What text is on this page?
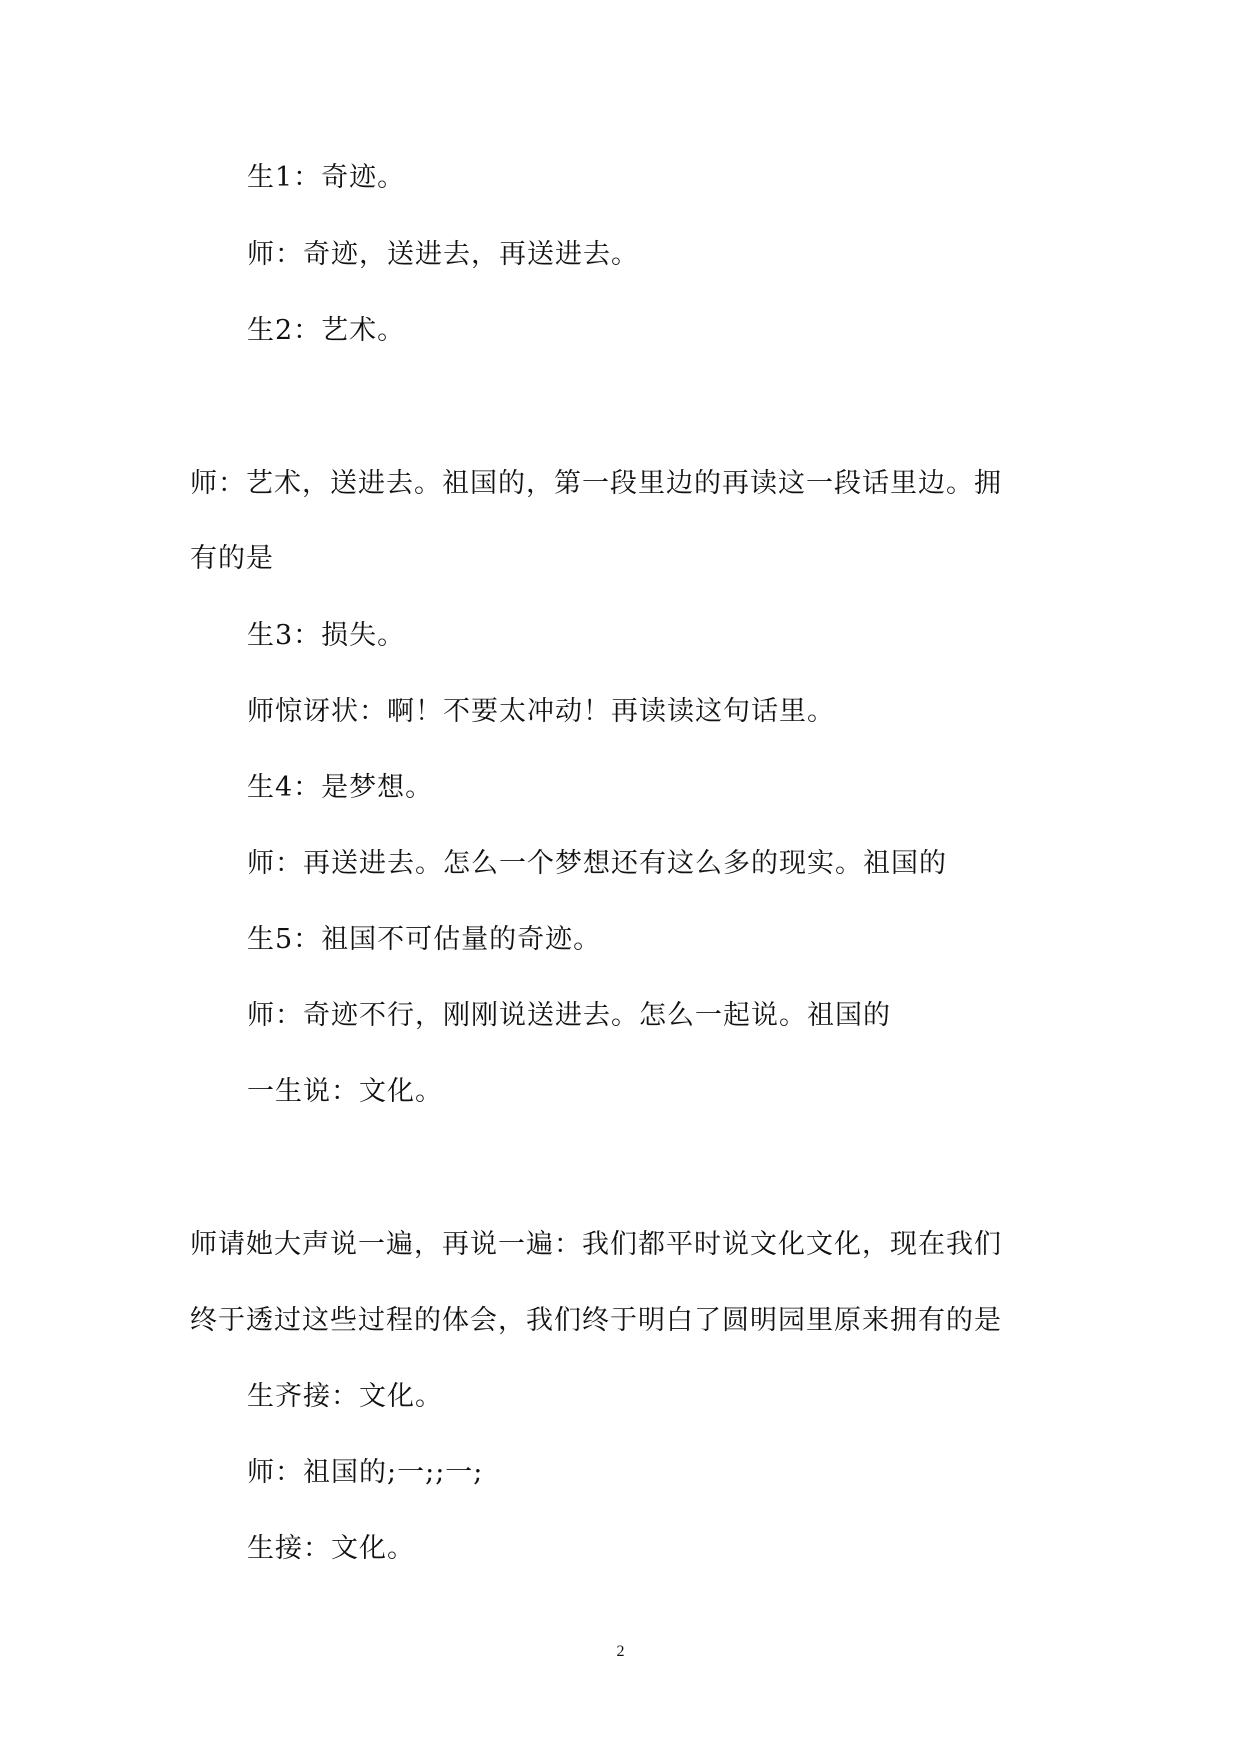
生1：奇迹。
师：奇迹，送进去，再送进去。
生2：艺术。
师：艺术，送进去。祖国的，第一段里边的再读这一段话里边。拥
有的是
生3：损失。
师惊讶状：啊！不要太冲动！再读读这句话里。
生4：是梦想。
师：再送进去。怎么一个梦想还有这么多的现实。祖国的
生5：祖国不可估量的奇迹。
师：奇迹不行，刚刚说送进去。怎么一起说。祖国的
一生说：文化。
师请她大声说一遍，再说一遍：我们都平时说文化文化，现在我们
终于透过这些过程的体会，我们终于明白了圆明园里原来拥有的是
生齐接：文化。
师：祖国的;一;;一;
生接：文化。
2
